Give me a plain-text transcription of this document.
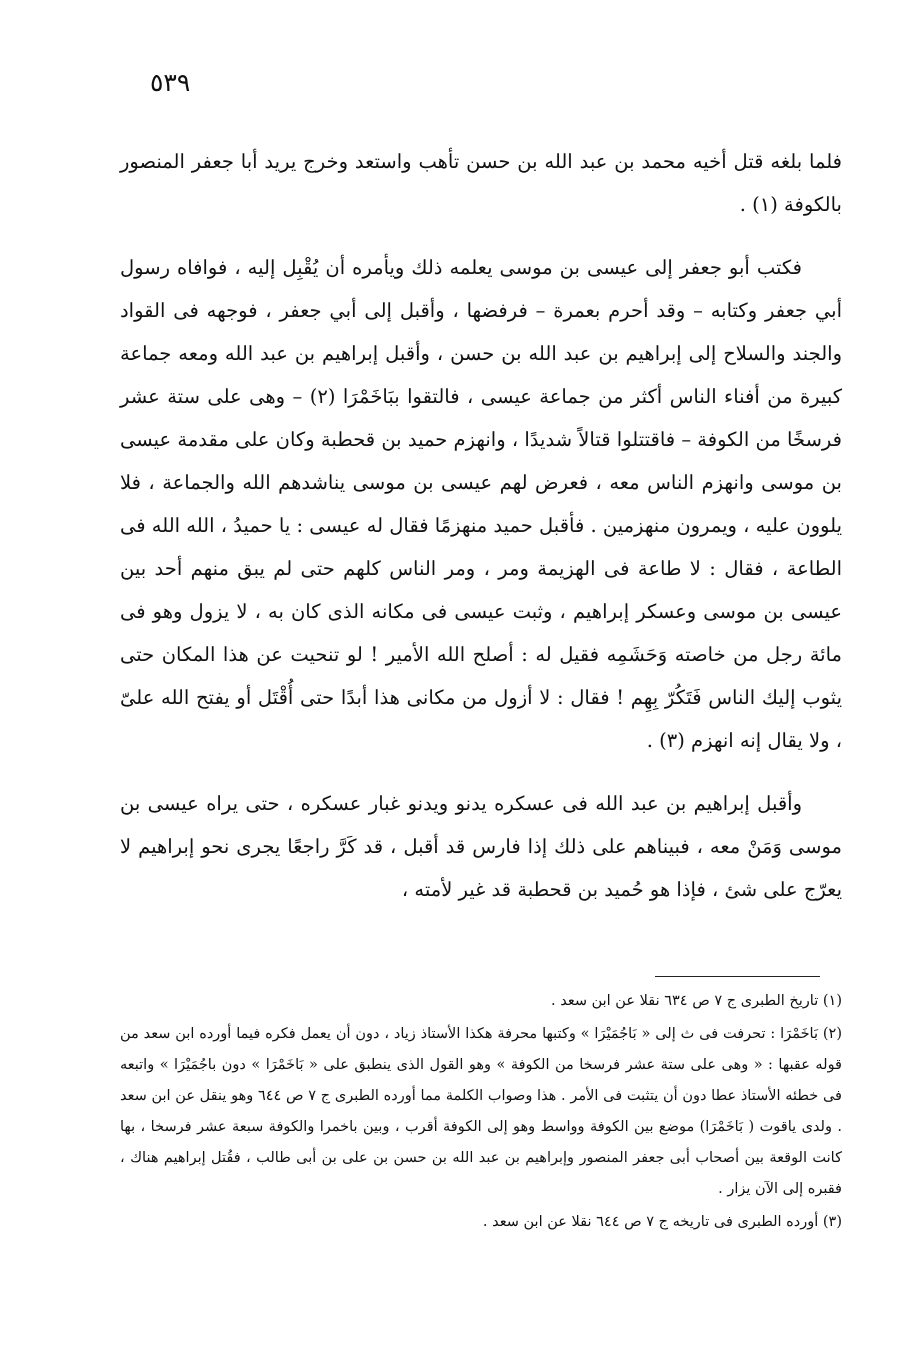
٥٣٩

فلما بلغه قتل أخيه محمد بن عبد الله بن حسن تأهب واستعد وخرج يريد أبا جعفر المنصور بالكوفة (١) .

فكتب أبو جعفر إلى عيسى بن موسى يعلمه ذلك ويأمره أن يُقْبِل إليه ، فوافاه رسول أبي جعفر وكتابه – وقد أحرم بعمرة – فرفضها ، وأقبل إلى أبي جعفر ، فوجهه فى القواد والجند والسلاح إلى إبراهيم بن عبد الله بن حسن ، وأقبل إبراهيم بن عبد الله ومعه جماعة كبيرة من أفناء الناس أكثر من جماعة عيسى ، فالتقوا ببَاخَمْرَا (٢) – وهى على ستة عشر فرسخًا من الكوفة – فاقتتلوا قتالاً شديدًا ، وانهزم حميد بن قحطبة وكان على مقدمة عيسى بن موسى وانهزم الناس معه ، فعرض لهم عيسى بن موسى يناشدهم الله والجماعة ، فلا يلوون عليه ، ويمرون منهزمين . فأقبل حميد منهزمًا فقال له عيسى : يا حميدُ ، الله الله فى الطاعة ، فقال : لا طاعة فى الهزيمة ومر ، ومر الناس كلهم حتى لم يبق منهم أحد بين عيسى بن موسى وعسكر إبراهيم ، وثبت عيسى فى مكانه الذى كان به ، لا يزول وهو فى مائة رجل من خاصته وَحَشَمِه فقيل له : أصلح الله الأمير ! لو تنحيت عن هذا المكان حتى يثوب إليك الناس فَتَكُرّ بِهِم ! فقال : لا أزول من مكانى هذا أبدًا حتى أُقْتَل أو يفتح الله علىّ ، ولا يقال إنه انهزم (٣) .

وأقبل إبراهيم بن عبد الله فى عسكره يدنو ويدنو غبار عسكره ، حتى يراه عيسى بن موسى وَمَنْ معه ، فبيناهم على ذلك إذا فارس قد أقبل ، قد كَرَّ راجعًا يجرى نحو إبراهيم لا يعرّج على شئ ، فإذا هو حُميد بن قحطبة قد غير لأمته ،

(١) تاريخ الطبرى ج ٧ ص ٦٣٤ نقلا عن ابن سعد .

(٢) بَاخَمْرَا : تحرفت فى ث إلى « بَاجُمَيْرَا » وكتبها محرفة هكذا الأستاذ زياد ، دون أن يعمل فكره فيما أورده ابن سعد من قوله عقبها : « وهى على ستة عشر فرسخا من الكوفة » وهو القول الذى ينطبق على « بَاخَمْرَا » دون باجُمَيْرَا » واتبعه فى خطئه الأستاذ عطا دون أن يتثبت فى الأمر . هذا وصواب الكلمة مما أورده الطبرى ج ٧ ص ٦٤٤ وهو ينقل عن ابن سعد . ولدى ياقوت ( بَاخَمْرَا) موضع بين الكوفة وواسط وهو إلى الكوفة أقرب ، وبين باخمرا والكوفة سبعة عشر فرسخا ، بها كانت الوقعة بين أصحاب أبى جعفر المنصور وإبراهيم بن عبد الله بن حسن بن على بن أبى طالب ، فقُتل إبراهيم هناك ، فقبره إلى الآن يزار .

(٣) أورده الطبرى فى تاريخه ج ٧ ص ٦٤٤ نقلا عن ابن سعد .
